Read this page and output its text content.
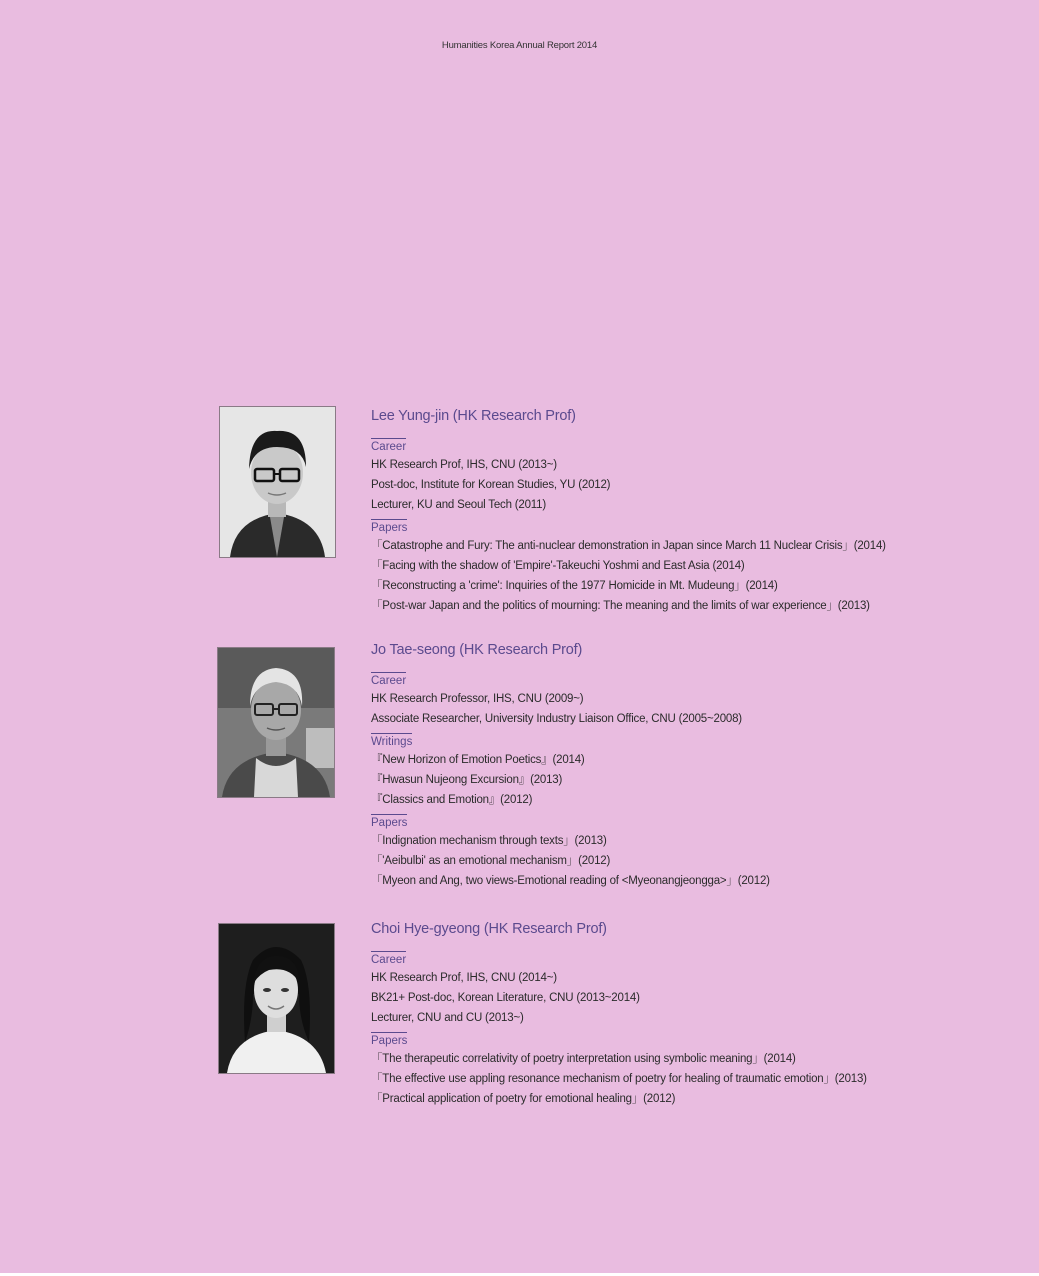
Humanities Korea Annual Report 2014
Lee Yung-jin (HK Research Prof)
Career
HK Research Prof, IHS, CNU (2013~)
Post-doc, Institute for Korean Studies, YU (2012)
Lecturer, KU and Seoul Tech (2011)
Papers
「Catastrophe and Fury: The anti-nuclear demonstration in Japan since March 11 Nuclear Crisis」(2014)
「Facing with the shadow of 'Empire'-Takeuchi Yoshmi and East Asia (2014)
「Reconstructing a 'crime': Inquiries of the 1977 Homicide in Mt. Mudeung」(2014)
「Post-war Japan and the politics of mourning: The meaning and the limits of war experience」(2013)
Jo Tae-seong (HK Research Prof)
Career
HK Research Professor, IHS, CNU (2009~)
Associate Researcher, University Industry Liaison Office, CNU (2005~2008)
Writings
『New Horizon of Emotion Poetics』(2014)
『Hwasun Nujeong Excursion』(2013)
『Classics and Emotion』(2012)
Papers
「Indignation mechanism through texts」(2013)
「'Aeibulbi' as an emotional mechanism」(2012)
「Myeon and Ang, two views-Emotional reading of <Myeonangjeongga>」(2012)
Choi Hye-gyeong (HK Research Prof)
Career
HK Research Prof, IHS, CNU (2014~)
BK21+ Post-doc, Korean Literature, CNU (2013~2014)
Lecturer, CNU and CU (2013~)
Papers
「The therapeutic correlativity of poetry interpretation using symbolic meaning」(2014)
「The effective use appling resonance mechanism of poetry for healing of traumatic emotion」(2013)
「Practical application of poetry for emotional healing」(2012)
